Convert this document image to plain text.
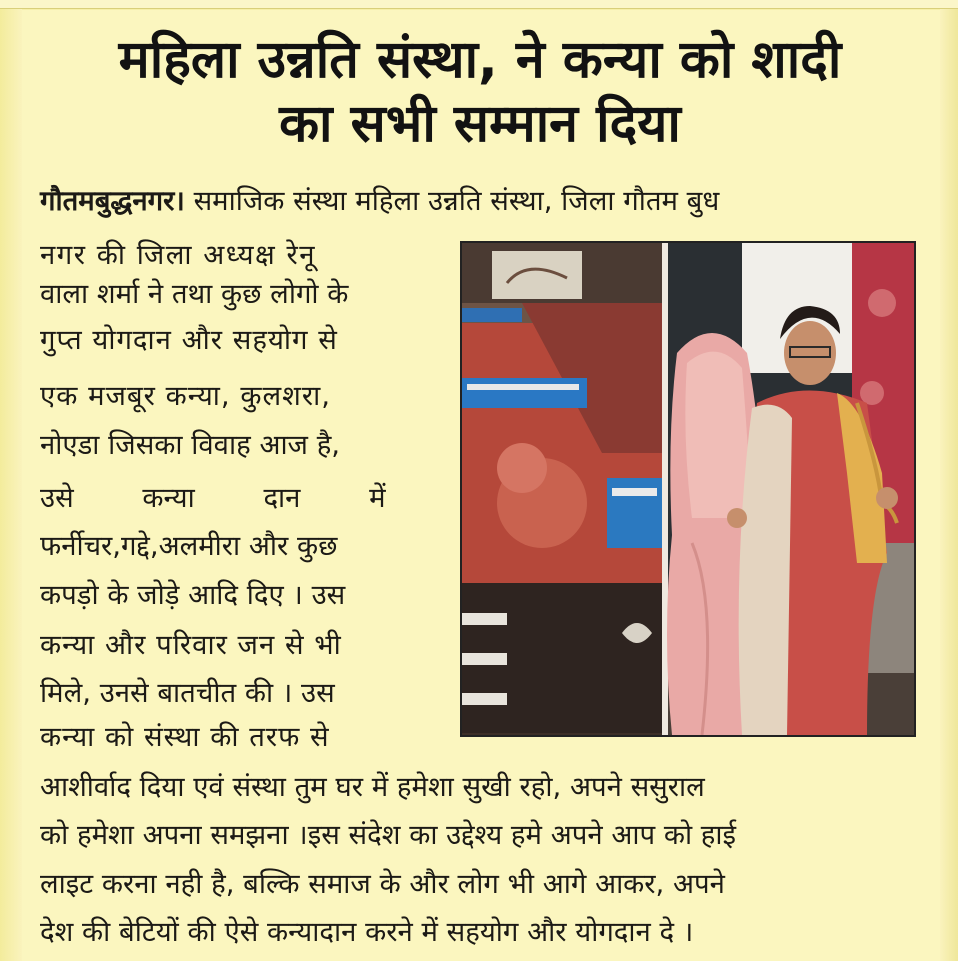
महिला उन्नति संस्था, ने कन्या को शादी
का सभी सम्मान दिया
गौतमबुद्धनगर। समाजिक संस्था महिला उन्नति संस्था, जिला गौतम बुध
नगर की जिला अध्यक्ष रेनू
वाला शर्मा ने तथा कुछ लोगो के
गुप्त योगदान और सहयोग से
एक मजबूर कन्या, कुलशरा,
नोएडा जिसका विवाह आज है,
उसे कन्या दान में
फर्नीचर,गद्दे,अलमीरा और कुछ
कपड़ो के जोड़े आदि दिए । उस
कन्या और परिवार जन से भी
मिले, उनसे बातचीत की । उस
कन्या को संस्था की तरफ से
आशीर्वाद दिया एवं संस्था तुम घर में हमेशा सुखी रहो, अपने ससुराल
को हमेशा अपना समझना ।इस संदेश का उद्देश्य हमे अपने आप को हाई
लाइट करना नही है, बल्कि समाज के और लोग भी आगे आकर, अपने
देश की बेटियों की ऐसे कन्यादान करने में सहयोग और योगदान दे ।
